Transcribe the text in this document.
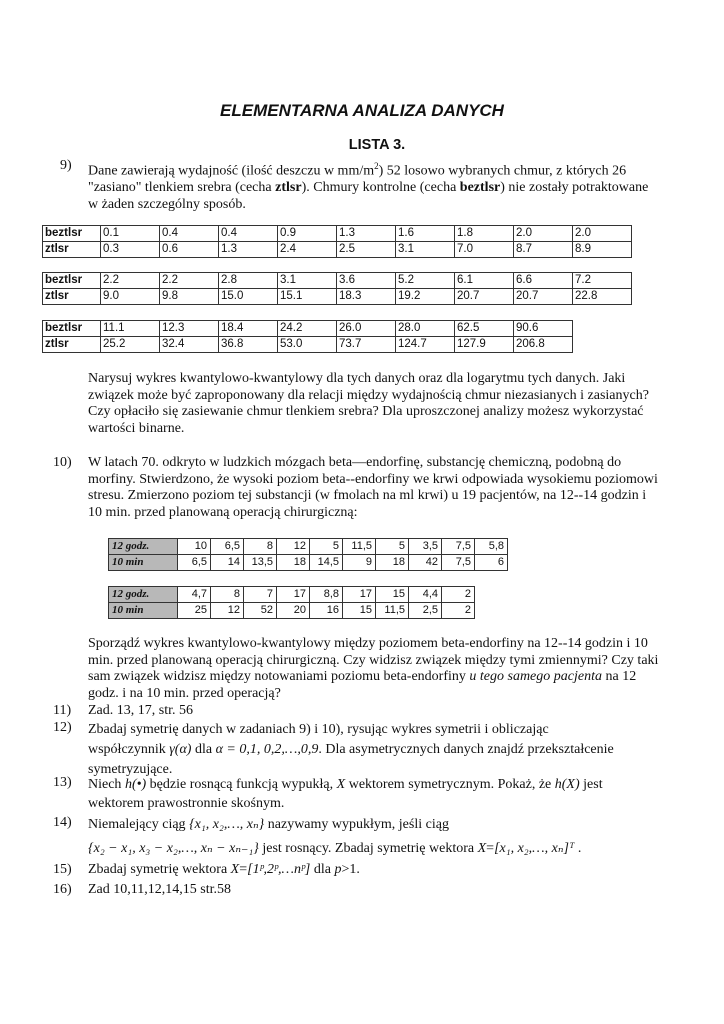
ELEMENTARNA ANALIZA DANYCH
LISTA 3.
9) Dane zawierają wydajność (ilość deszczu w $mm/m^2$) 52 losowo wybranych chmur, z których 26 "zasiano" tlenkiem srebra (cecha ztlsr). Chmury kontrolne (cecha beztlsr) nie zostały potraktowane w żaden szczególny sposób.
beztlsr	0.1	0.4	0.4	0.9	1.3	1.6	1.8	2.0	2.0
ztlsr	0.3	0.6	1.3	2.4	2.5	3.1	7.0	8.7	8.9
beztlsr	2.2	2.2	2.8	3.1	3.6	5.2	6.1	6.6	7.2
ztlsr	9.0	9.8	15.0	15.1	18.3	19.2	20.7	20.7	22.8
beztlsr	11.1	12.3	18.4	24.2	26.0	28.0	62.5	90.6
ztlsr	25.2	32.4	36.8	53.0	73.7	124.7	127.9	206.8
Narysuj wykres kwantylowo-kwantylowy dla tych danych oraz dla logarytmu tych danych. Jaki związek może być zaproponowany dla relacji między wydajnością chmur niezasianych i zasianych? Czy opłaciło się zasiewanie chmur tlenkiem srebra? Dla uproszczonej analizy możesz wykorzystać wartości binarne.
10) W latach 70. odkryto w ludzkich mózgach beta—endorfinę, substancję chemiczną, podobną do morfiny. Stwierdzono, że wysoki poziom beta--endorfiny we krwi odpowiada wysokiemu poziomowi stresu. Zmierzono poziom tej substancji (w fmolach na ml krwi) u 19 pacjentów, na 12--14 godzin i 10 min. przed planowaną operacją chirurgiczną:
12 godz.	10	6,5	8	12	5	11,5	5	3,5	7,5	5,8
10 min	6,5	14	13,5	18	14,5	9	18	42	7,5	6
12 godz.	4,7	8	7	17	8,8	17	15	4,4	2
10 min	25	12	52	20	16	15	11,5	2,5	2
Sporządź wykres kwantylowo-kwantylowy między poziomem beta-endorfiny na 12--14 godzin i 10 min. przed planowaną operacją chirurgiczną. Czy widzisz związek między tymi zmiennymi? Czy taki sam związek widzisz między notowaniami poziomu beta-endorfiny u tego samego pacjenta na 12 godz. i na 10 min. przed operacją?
11) Zad. 13, 17, str. 56
12) Zbadaj symetrię danych w zadaniach 9) i 10), rysując wykres symetrii i obliczając
współczynnik γ(α) dla α = 0,1, 0,2,…,0,9. Dla asymetrycznych danych znajdź przekształcenie
symetryzujące.
13) Niech h(•) będzie rosnącą funkcją wypukłą, X wektorem symetrycznym. Pokaż, że h(X) jest
wektorem prawostronnie skośnym.
14) Niemalejący ciąg {x₁, x₂,…, xₙ} nazywamy wypukłym, jeśli ciąg
{x₂ − x₁, x₃ − x₂,…, xₙ − xₙ₋₁} jest rosnący. Zbadaj symetrię wektora X=[x₁, x₂,…, xₙ]ᵀ .
15) Zbadaj symetrię wektora X=[1ᵖ,2ᵖ,…nᵖ] dla p>1.
16) Zad 10,11,12,14,15 str.58
